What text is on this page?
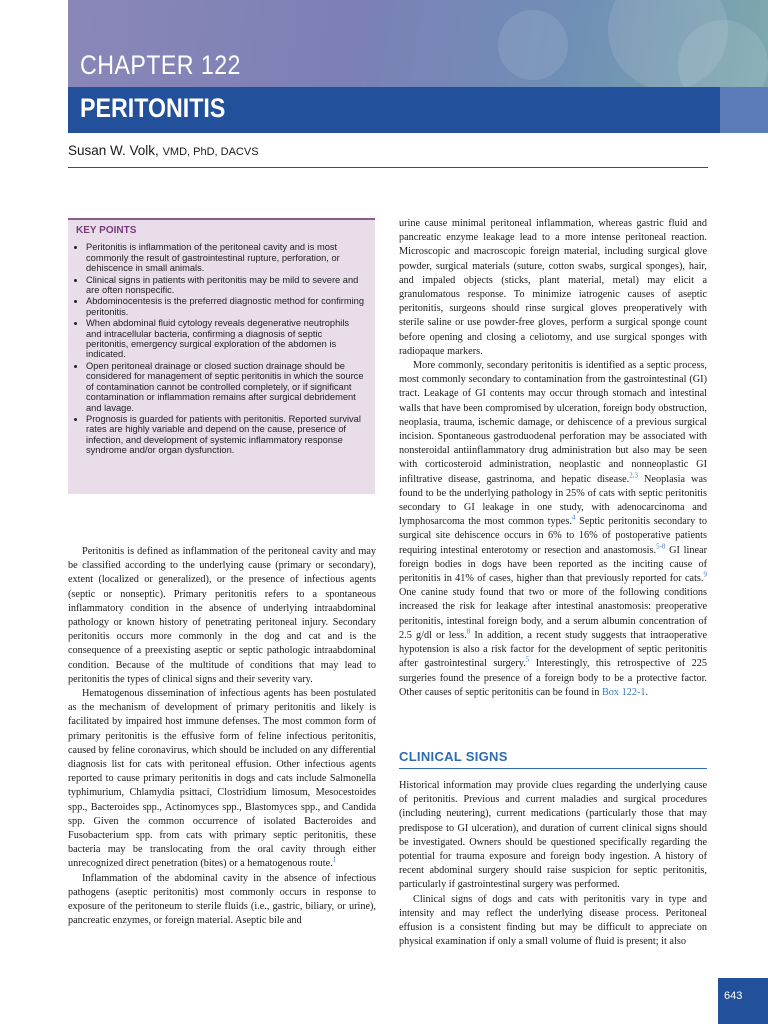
CHAPTER 122
PERITONITIS
Susan W. Volk, VMD, PhD, DACVS
KEY POINTS
• Peritonitis is inflammation of the peritoneal cavity and is most commonly the result of gastrointestinal rupture, perforation, or dehiscence in small animals.
• Clinical signs in patients with peritonitis may be mild to severe and are often nonspecific.
• Abdominocentesis is the preferred diagnostic method for confirming peritonitis.
• When abdominal fluid cytology reveals degenerative neutrophils and intracellular bacteria, confirming a diagnosis of septic peritonitis, emergency surgical exploration of the abdomen is indicated.
• Open peritoneal drainage or closed suction drainage should be considered for management of septic peritonitis in which the source of contamination cannot be controlled completely, or if significant contamination or inflammation remains after surgical debridement and lavage.
• Prognosis is guarded for patients with peritonitis. Reported survival rates are highly variable and depend on the cause, presence of infection, and development of systemic inflammatory response syndrome and/or organ dysfunction.

Peritonitis is defined as inflammation of the peritoneal cavity and may be classified according to the underlying cause (primary or secondary), extent (localized or generalized), or the presence of infectious agents (septic or nonseptic). Primary peritonitis refers to a spontaneous inflammatory condition in the absence of underlying intraabdominal pathology or known history of penetrating peritoneal injury. Secondary peritonitis occurs more commonly in the dog and cat and is the consequence of a preexisting aseptic or septic pathologic intraabdominal condition. Because of the multitude of conditions that may lead to peritonitis the types of clinical signs and their severity vary.

Hematogenous dissemination of infectious agents has been postulated as the mechanism of development of primary peritonitis and likely is facilitated by impaired host immune defenses. The most common form of primary peritonitis is the effusive form of feline infectious peritonitis, caused by feline coronavirus, which should be included on any differential diagnosis list for cats with peritoneal effusion. Other infectious agents reported to cause primary peritonitis in dogs and cats include Salmonella typhimurium, Chlamydia psittaci, Clostridium limosum, Mesocestoides spp., Bacteroides spp., Actinomyces spp., Blastomyces spp., and Candida spp. Given the common occurrence of isolated Bacteroides and Fusobacterium spp. from cats with primary septic peritonitis, these bacteria may be translocating from the oral cavity through either unrecognized direct penetration (bites) or a hematogenous route.$^1$

Inflammation of the abdominal cavity in the absence of infectious pathogens (aseptic peritonitis) most commonly occurs in response to exposure of the peritoneum to sterile fluids (i.e., gastric, biliary, or urine), pancreatic enzymes, or foreign material. Aseptic bile and

urine cause minimal peritoneal inflammation, whereas gastric fluid and pancreatic enzyme leakage lead to a more intense peritoneal reaction. Microscopic and macroscopic foreign material, including surgical glove powder, surgical materials (suture, cotton swabs, surgical sponges), hair, and impaled objects (sticks, plant material, metal) may elicit a granulomatous response. To minimize iatrogenic causes of aseptic peritonitis, surgeons should rinse surgical gloves preoperatively with sterile saline or use powder-free gloves, perform a surgical sponge count before opening and closing a celiotomy, and use surgical sponges with radiopaque markers.

More commonly, secondary peritonitis is identified as a septic process, most commonly secondary to contamination from the gastrointestinal (GI) tract. Leakage of GI contents may occur through stomach and intestinal walls that have been compromised by ulceration, foreign body obstruction, neoplasia, trauma, ischemic damage, or dehiscence of a previous surgical incision. Spontaneous gastroduodenal perforation may be associated with nonsteroidal antiinflammatory drug administration but also may be seen with corticosteroid administration, neoplastic and nonneoplastic GI infiltrative disease, gastrinoma, and hepatic disease.$^{2,3}$ Neoplasia was found to be the underlying pathology in 25% of cats with septic peritonitis secondary to GI leakage in one study, with adenocarcinoma and lymphosarcoma the most common types.$^4$ Septic peritonitis secondary to surgical site dehiscence occurs in 6% to 16% of postoperative patients requiring intestinal enterotomy or resection and anastomosis.$^{5-8}$ GI linear foreign bodies in dogs have been reported as the inciting cause of peritonitis in 41% of cases, higher than that previously reported for cats.$^9$ One canine study found that two or more of the following conditions increased the risk for leakage after intestinal anastomosis: preoperative peritonitis, intestinal foreign body, and a serum albumin concentration of 2.5 g/dl or less.$^8$ In addition, a recent study suggests that intraoperative hypotension is also a risk factor for the development of septic peritonitis after gastrointestinal surgery.$^5$ Interestingly, this retrospective of 225 surgeries found the presence of a foreign body to be a protective factor. Other causes of septic peritonitis can be found in Box 122-1.

CLINICAL SIGNS

Historical information may provide clues regarding the underlying cause of peritonitis. Previous and current maladies and surgical procedures (including neutering), current medications (particularly those that may predispose to GI ulceration), and duration of current clinical signs should be investigated. Owners should be questioned specifically regarding the potential for trauma exposure and foreign body ingestion. A history of recent abdominal surgery should raise suspicion for septic peritonitis, particularly if gastrointestinal surgery was performed.

Clinical signs of dogs and cats with peritonitis vary in type and intensity and may reflect the underlying disease process. Peritoneal effusion is a consistent finding but may be difficult to appreciate on physical examination if only a small volume of fluid is present; it also

643
